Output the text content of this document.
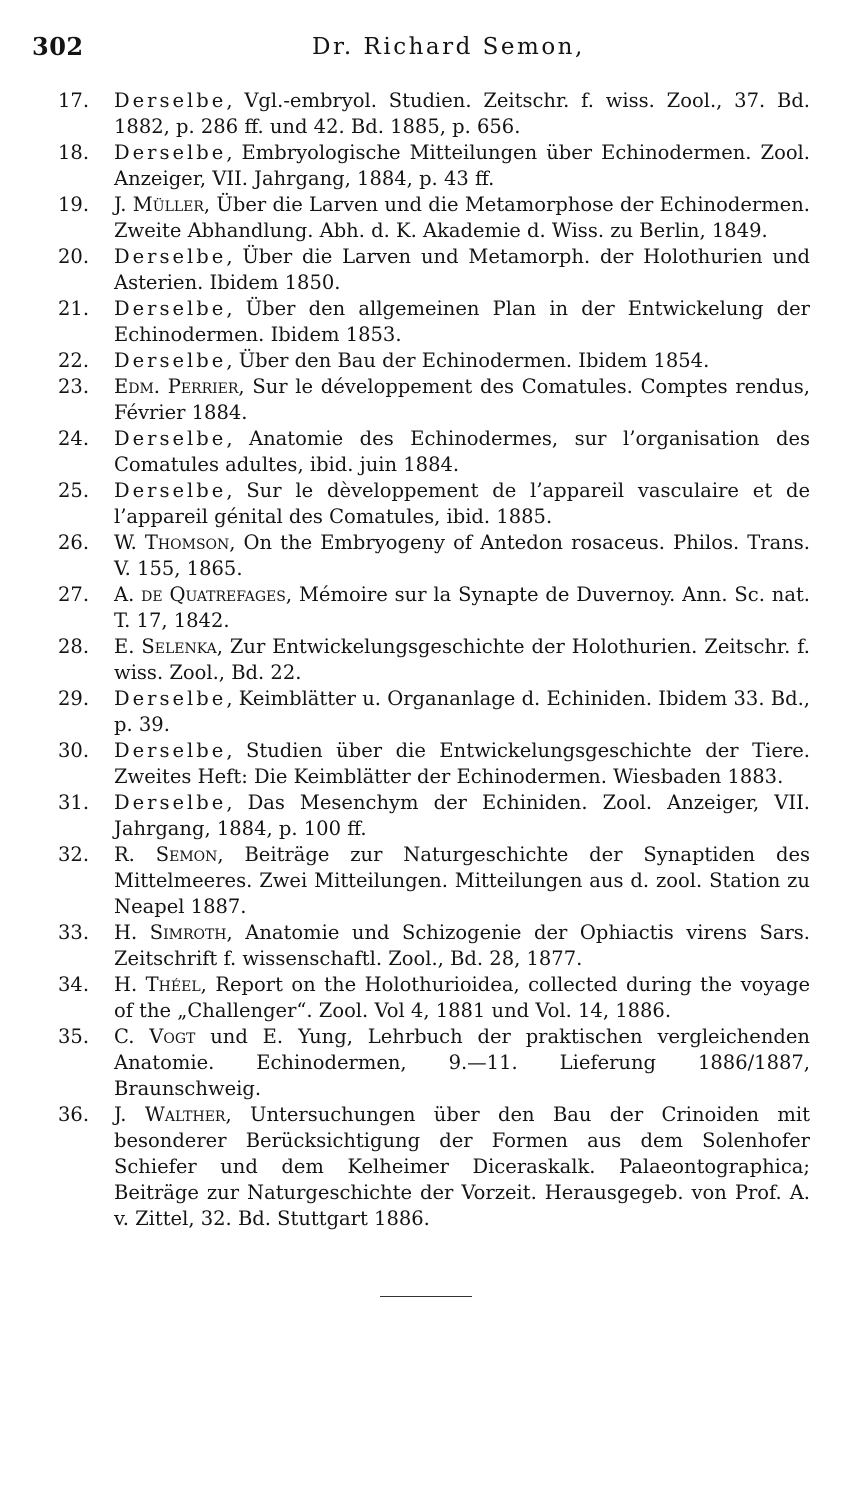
302	Dr. Richard Semon,
17.	Derselbe, Vgl.-embryol. Studien. Zeitschr. f. wiss. Zool., 37. Bd. 1882, p. 286 ff. und 42. Bd. 1885, p. 656.
18.	Derselbe, Embryologische Mitteilungen über Echinodermen. Zool. Anzeiger, VII. Jahrgang, 1884, p. 43 ff.
19.	J. Müller, Über die Larven und die Metamorphose der Echinodermen. Zweite Abhandlung. Abh. d. K. Akademie d. Wiss. zu Berlin, 1849.
20.	Derselbe, Über die Larven und Metamorph. der Holothurien und Asterien. Ibidem 1850.
21.	Derselbe, Über den allgemeinen Plan in der Entwickelung der Echinodermen. Ibidem 1853.
22.	Derselbe, Über den Bau der Echinodermen. Ibidem 1854.
23.	Edm. Perrier, Sur le développement des Comatules. Comptes rendus, Février 1884.
24.	Derselbe, Anatomie des Echinodermes, sur l’organisation des Comatules adultes, ibid. juin 1884.
25.	Derselbe, Sur le dèveloppement de l’appareil vasculaire et de l’appareil génital des Comatules, ibid. 1885.
26.	W. Thomson, On the Embryogeny of Antedon rosaceus. Philos. Trans. V. 155, 1865.
27.	A. de Quatrefages, Mémoire sur la Synapte de Duvernoy. Ann. Sc. nat. T. 17, 1842.
28.	E. Selenka, Zur Entwickelungsgeschichte der Holothurien. Zeitschr. f. wiss. Zool., Bd. 22.
29.	Derselbe, Keimblätter u. Organanlage d. Echiniden. Ibidem 33. Bd., p. 39.
30.	Derselbe, Studien über die Entwickelungsgeschichte der Tiere. Zweites Heft: Die Keimblätter der Echinodermen. Wiesbaden 1883.
31.	Derselbe, Das Mesenchym der Echiniden. Zool. Anzeiger, VII. Jahrgang, 1884, p. 100 ff.
32.	R. Semon, Beiträge zur Naturgeschichte der Synaptiden des Mittelmeeres. Zwei Mitteilungen. Mitteilungen aus d. zool. Station zu Neapel 1887.
33.	H. Simroth, Anatomie und Schizogenie der Ophiactis virens Sars. Zeitschrift f. wissenschaftl. Zool., Bd. 28, 1877.
34.	H. Théel, Report on the Holothurioidea, collected during the voyage of the „Challenger“. Zool. Vol 4, 1881 und Vol. 14, 1886.
35.	C. Vogt und E. Yung, Lehrbuch der praktischen vergleichenden Anatomie. Echinodermen, 9.—11. Lieferung 1886/1887, Braunschweig.
36.	J. Walther, Untersuchungen über den Bau der Crinoiden mit besonderer Berücksichtigung der Formen aus dem Solenhofer Schiefer und dem Kelheimer Diceraskalk. Palaeontographica; Beiträge zur Naturgeschichte der Vorzeit. Herausgegeb. von Prof. A. v. Zittel, 32. Bd. Stuttgart 1886.
